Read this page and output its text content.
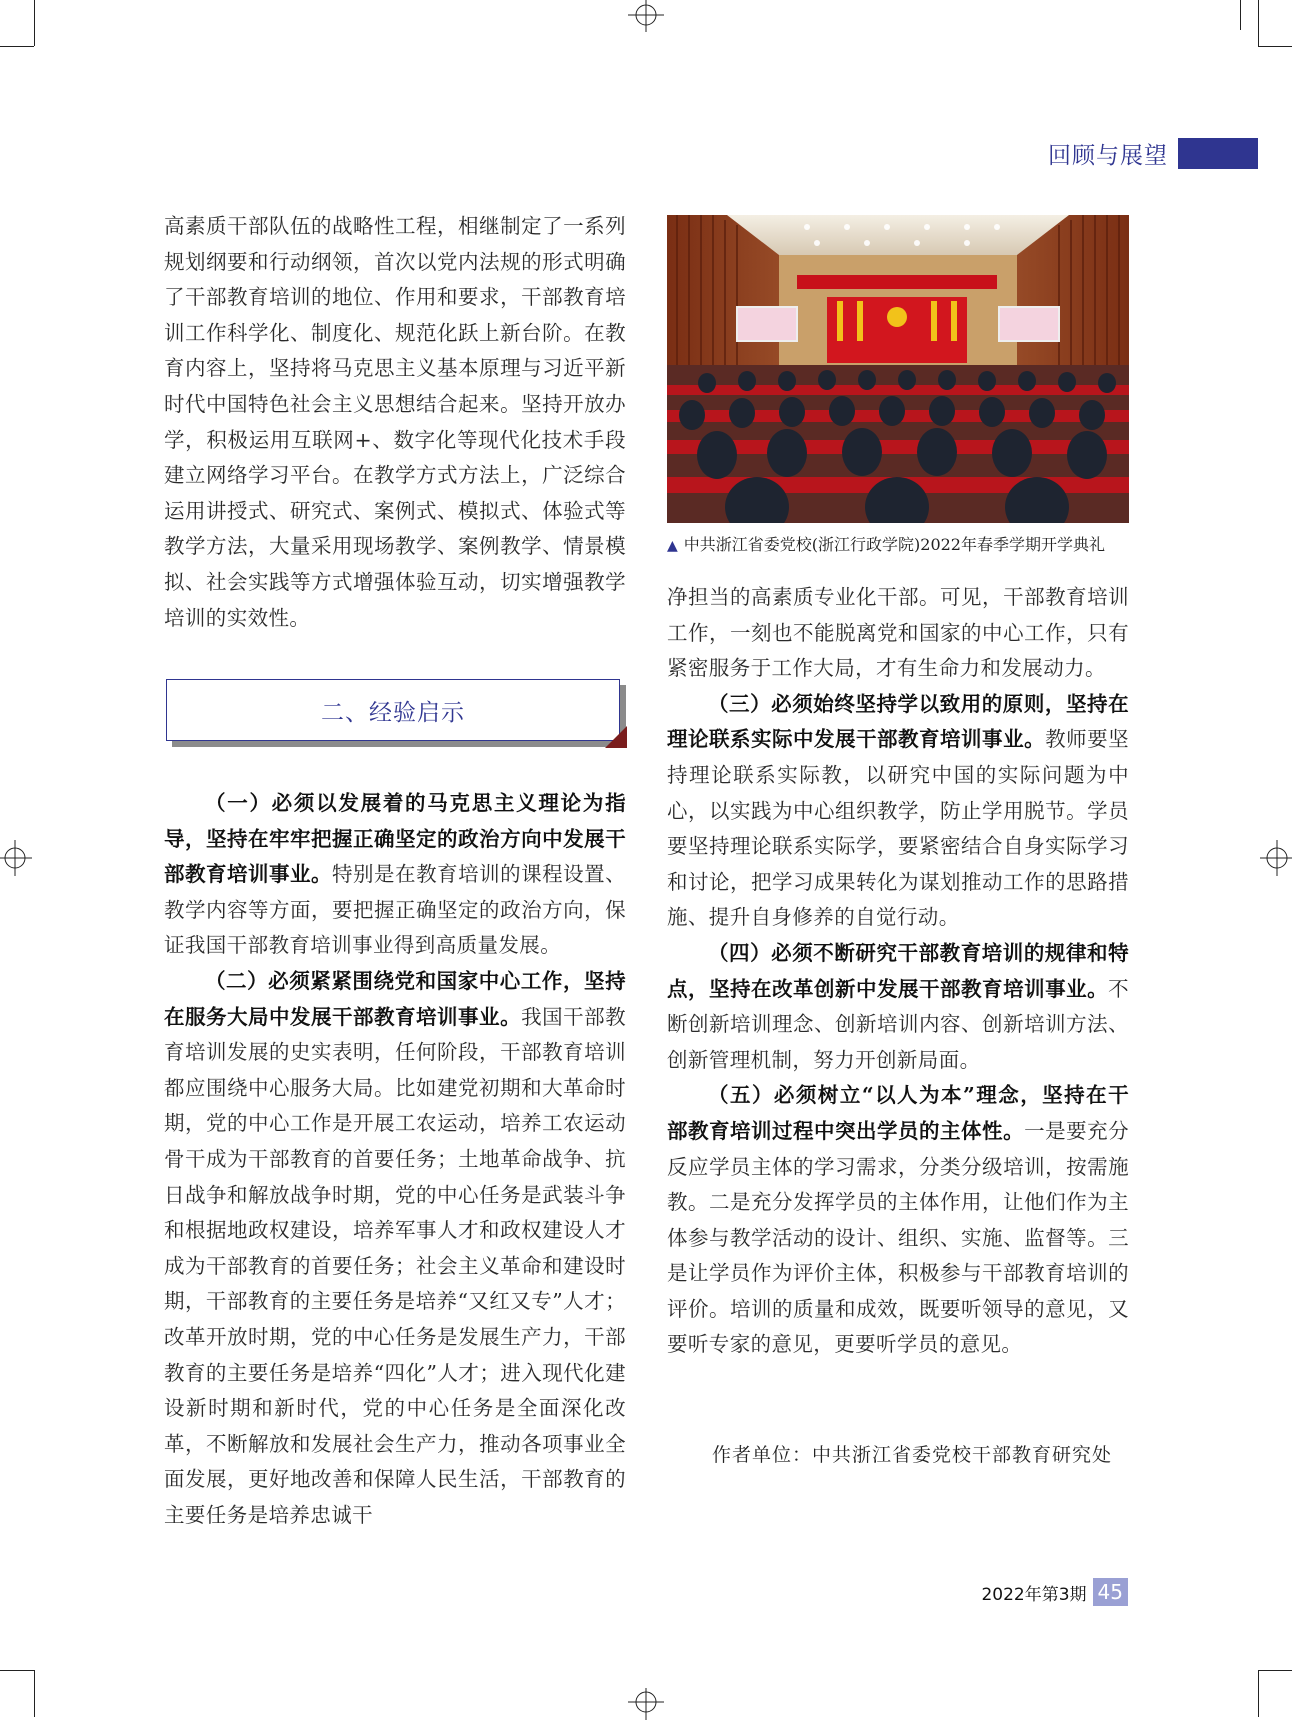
回顾与展望

高素质干部队伍的战略性工程，相继制定了一系列规划纲要和行动纲领，首次以党内法规的形式明确了干部教育培训的地位、作用和要求，干部教育培训工作科学化、制度化、规范化跃上新台阶。在教育内容上，坚持将马克思主义基本原理与习近平新时代中国特色社会主义思想结合起来。坚持开放办学，积极运用互联网+、数字化等现代化技术手段建立网络学习平台。在教学方式方法上，广泛综合运用讲授式、研究式、案例式、模拟式、体验式等教学方法，大量采用现场教学、案例教学、情景模拟、社会实践等方式增强体验互动，切实增强教学培训的实效性。

二、经验启示

（一）必须以发展着的马克思主义理论为指导，坚持在牢牢把握正确坚定的政治方向中发展干部教育培训事业。特别是在教育培训的课程设置、教学内容等方面，要把握正确坚定的政治方向，保证我国干部教育培训事业得到高质量发展。

（二）必须紧紧围绕党和国家中心工作，坚持在服务大局中发展干部教育培训事业。我国干部教育培训发展的史实表明，任何阶段，干部教育培训都应围绕中心服务大局。比如建党初期和大革命时期，党的中心工作是开展工农运动，培养工农运动骨干成为干部教育的首要任务；土地革命战争、抗日战争和解放战争时期，党的中心任务是武装斗争和根据地政权建设，培养军事人才和政权建设人才成为干部教育的首要任务；社会主义革命和建设时期，干部教育的主要任务是培养“又红又专”人才；改革开放时期，党的中心任务是发展生产力，干部教育的主要任务是培养“四化”人才；进入现代化建设新时期和新时代，党的中心任务是全面深化改革，不断解放和发展社会生产力，推动各项事业全面发展，更好地改善和保障人民生活，干部教育的主要任务是培养忠诚干

▲ 中共浙江省委党校(浙江行政学院)2022年春季学期开学典礼

净担当的高素质专业化干部。可见，干部教育培训工作，一刻也不能脱离党和国家的中心工作，只有紧密服务于工作大局，才有生命力和发展动力。

（三）必须始终坚持学以致用的原则，坚持在理论联系实际中发展干部教育培训事业。教师要坚持理论联系实际教，以研究中国的实际问题为中心，以实践为中心组织教学，防止学用脱节。学员要坚持理论联系实际学，要紧密结合自身实际学习和讨论，把学习成果转化为谋划推动工作的思路措施、提升自身修养的自觉行动。

（四）必须不断研究干部教育培训的规律和特点，坚持在改革创新中发展干部教育培训事业。不断创新培训理念、创新培训内容、创新培训方法、创新管理机制，努力开创新局面。

（五）必须树立“以人为本”理念，坚持在干部教育培训过程中突出学员的主体性。一是要充分反应学员主体的学习需求，分类分级培训，按需施教。二是充分发挥学员的主体作用，让他们作为主体参与教学活动的设计、组织、实施、监督等。三是让学员作为评价主体，积极参与干部教育培训的评价。培训的质量和成效，既要听领导的意见，又要听专家的意见，更要听学员的意见。

作者单位：中共浙江省委党校干部教育研究处
2022年第3期 45
